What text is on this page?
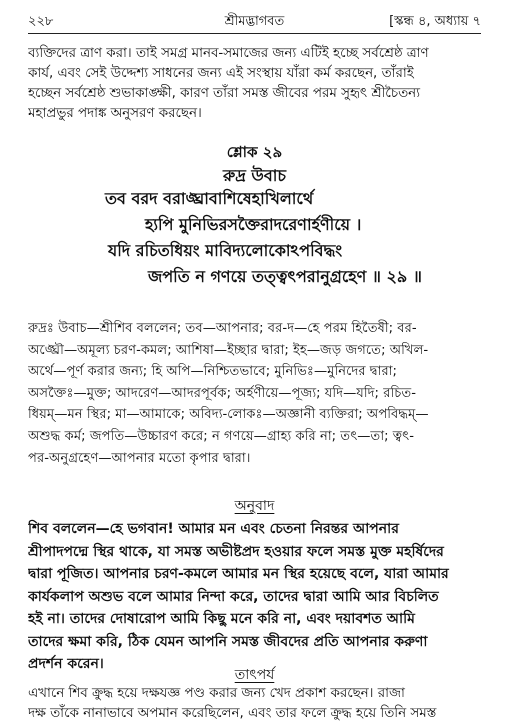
২২৮	শ্রীমদ্ভাগবত	[স্কন্ধ ৪, অধ্যায় ৭
ব্যক্তিদের ত্রাণ করা। তাই সমগ্র মানব-সমাজের জন্য এটিই হচ্ছে সর্বশ্রেষ্ঠ ত্রাণ
কার্য, এবং সেই উদ্দেশ্য সাধনের জন্য এই সংস্থায় যাঁরা কর্ম করছেন, তাঁরাই
হচ্ছেন সর্বশ্রেষ্ঠ শুভাকাঙ্ক্ষী, কারণ তাঁরা সমস্ত জীবের পরম সুহৃৎ শ্রীচৈতন্য
মহাপ্রভুর পদাঙ্ক অনুসরণ করছেন।
শ্লোক ২৯
রুদ্র উবাচ
তব বরদ বরাঙ্ঘ্রাবাশিষেহাখিলার্থে
হ্যপি মুনিভিরসক্তৈরাদরেণার্হণীয়ে ।
যদি রচিতধিয়ং মাবিদ্যলোকোঽপবিদ্ধং
জপতি ন গণয়ে তত্ত্বৎপরানুগ্রহেণ ॥ ২৯ ॥
রুদ্রঃ উবাচ—শ্রীশিব বললেন; তব—আপনার; বর-দ—হে পরম হিতৈষী; বর-
অঙ্ঘ্রৌ—অমূল্য চরণ-কমল; আশিষা—ইচ্ছার দ্বারা; ইহ—জড় জগতে; অখিল-
অর্থে—পূর্ণ করার জন্য; হি অপি—নিশ্চিতভাবে; মুনিভিঃ—মুনিদের দ্বারা;
অসক্তৈঃ—মুক্ত; আদরেণ—আদরপূর্বক; অর্হণীয়ে—পূজ্য; যদি—যদি; রচিত-
ধিয়ম্—মন স্থির; মা—আমাকে; অবিদ্য-লোকঃ—অজ্ঞানী ব্যক্তিরা; অপবিদ্ধম্—
অশুদ্ধ কর্ম; জপতি—উচ্চারণ করে; ন গণয়ে—গ্রাহ্য করি না; তৎ—তা; ত্বৎ-
পর-অনুগ্রহেণ—আপনার মতো কৃপার দ্বারা।
অনুবাদ
শিব বললেন—হে ভগবান! আমার মন এবং চেতনা নিরন্তর আপনার
শ্রীপাদপদ্মে স্থির থাকে, যা সমস্ত অভীষ্টপ্রদ হওয়ার ফলে সমস্ত মুক্ত মহর্ষিদের
দ্বারা পূজিত। আপনার চরণ-কমলে আমার মন স্থির হয়েছে বলে, যারা আমার
কার্যকলাপ অশুভ বলে আমার নিন্দা করে, তাদের দ্বারা আমি আর বিচলিত
হই না। তাদের দোষারোপ আমি কিছু মনে করি না, এবং দয়াবশত আমি
তাদের ক্ষমা করি, ঠিক যেমন আপনি সমস্ত জীবদের প্রতি আপনার করুণা
প্রদর্শন করেন।
তাৎপর্য
এখানে শিব ক্রুদ্ধ হয়ে দক্ষযজ্ঞ পণ্ড করার জন্য খেদ প্রকাশ করছেন। রাজা
দক্ষ তাঁকে নানাভাবে অপমান করেছিলেন, এবং তার ফলে ক্রুদ্ধ হয়ে তিনি সমস্ত
